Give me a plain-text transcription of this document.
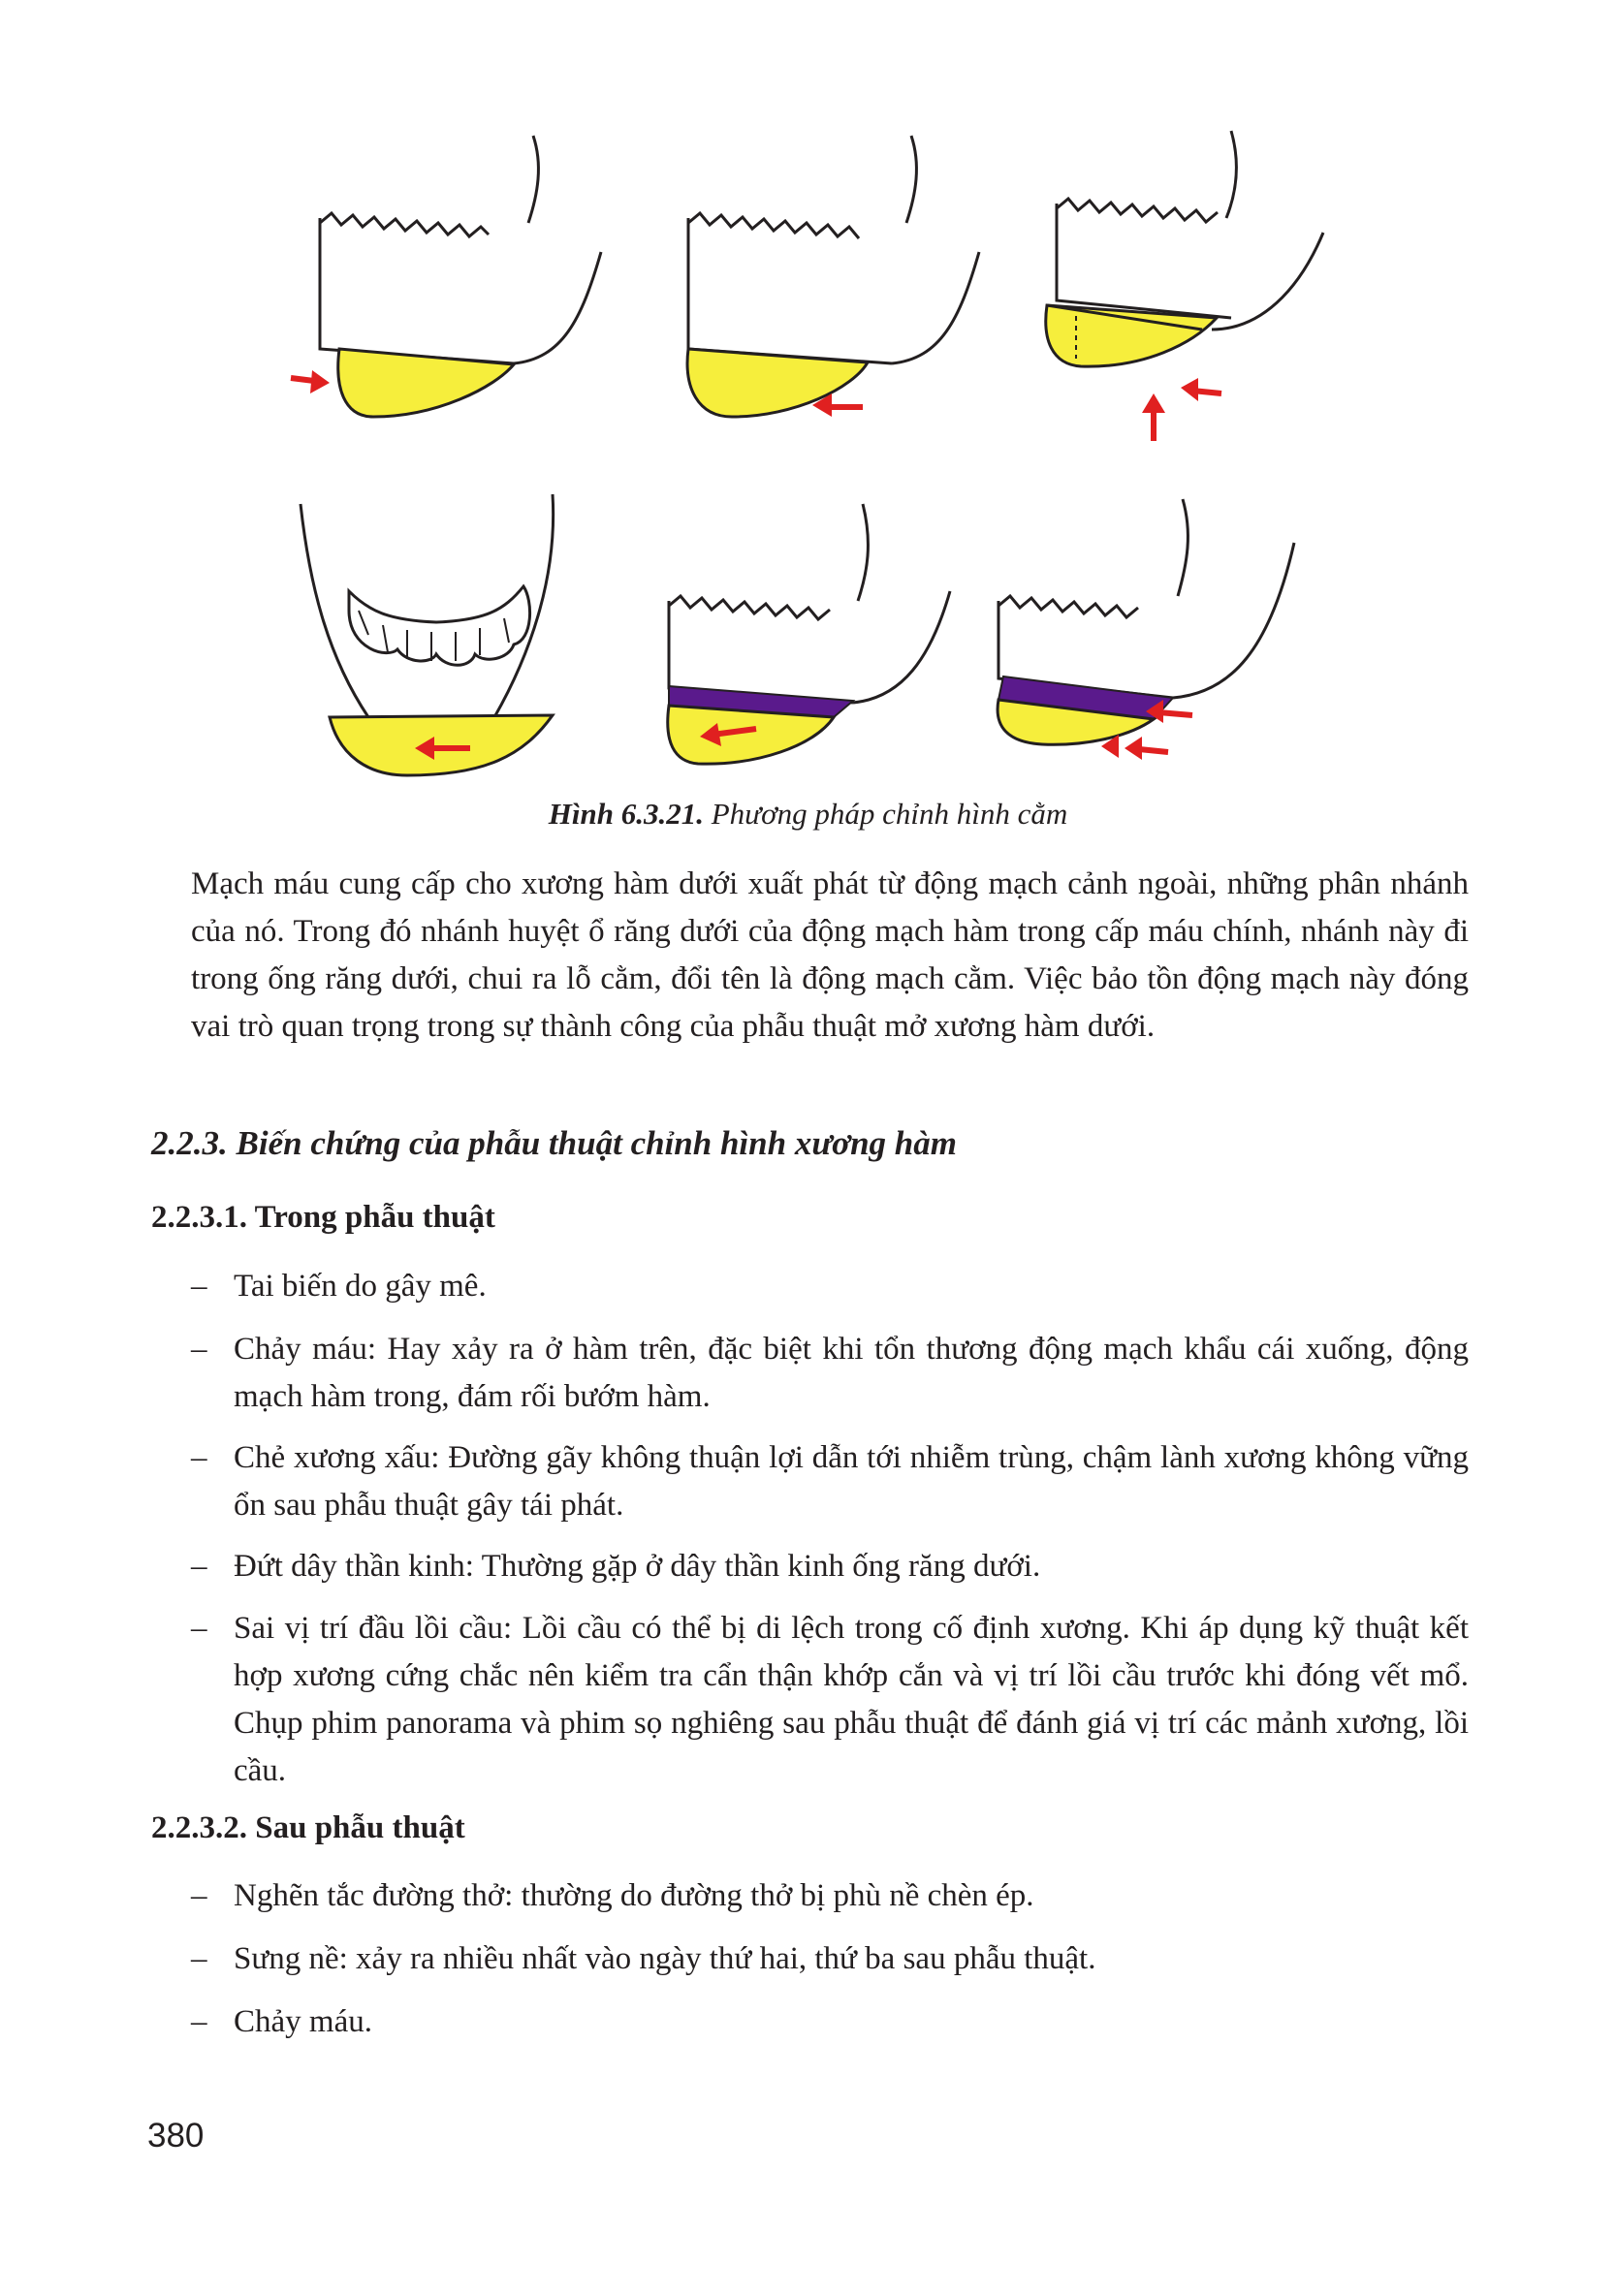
Hình 6.3.21. Phương pháp chỉnh hình cằm
Mạch máu cung cấp cho xương hàm dưới xuất phát từ động mạch cảnh ngoài, những phân nhánh của nó. Trong đó nhánh huyệt ổ răng dưới của động mạch hàm trong cấp máu chính, nhánh này đi trong ống răng dưới, chui ra lỗ cằm, đổi tên là động mạch cằm. Việc bảo tồn động mạch này đóng vai trò quan trọng trong sự thành công của phẫu thuật mở xương hàm dưới.
2.2.3. Biến chứng của phẫu thuật chỉnh hình xương hàm
2.2.3.1. Trong phẫu thuật
– Tai biến do gây mê.
– Chảy máu: Hay xảy ra ở hàm trên, đặc biệt khi tổn thương động mạch khẩu cái xuống, động mạch hàm trong, đám rối bướm hàm.
– Chẻ xương xấu: Đường gãy không thuận lợi dẫn tới nhiễm trùng, chậm lành xương không vững ổn sau phẫu thuật gây tái phát.
– Đứt dây thần kinh: Thường gặp ở dây thần kinh ống răng dưới.
– Sai vị trí đầu lồi cầu: Lồi cầu có thể bị di lệch trong cố định xương. Khi áp dụng kỹ thuật kết hợp xương cứng chắc nên kiểm tra cẩn thận khớp cắn và vị trí lồi cầu trước khi đóng vết mổ. Chụp phim panorama và phim sọ nghiêng sau phẫu thuật để đánh giá vị trí các mảnh xương, lồi cầu.
2.2.3.2. Sau phẫu thuật
– Nghẽn tắc đường thở: thường do đường thở bị phù nề chèn ép.
– Sưng nề: xảy ra nhiều nhất vào ngày thứ hai, thứ ba sau phẫu thuật.
– Chảy máu.
380
